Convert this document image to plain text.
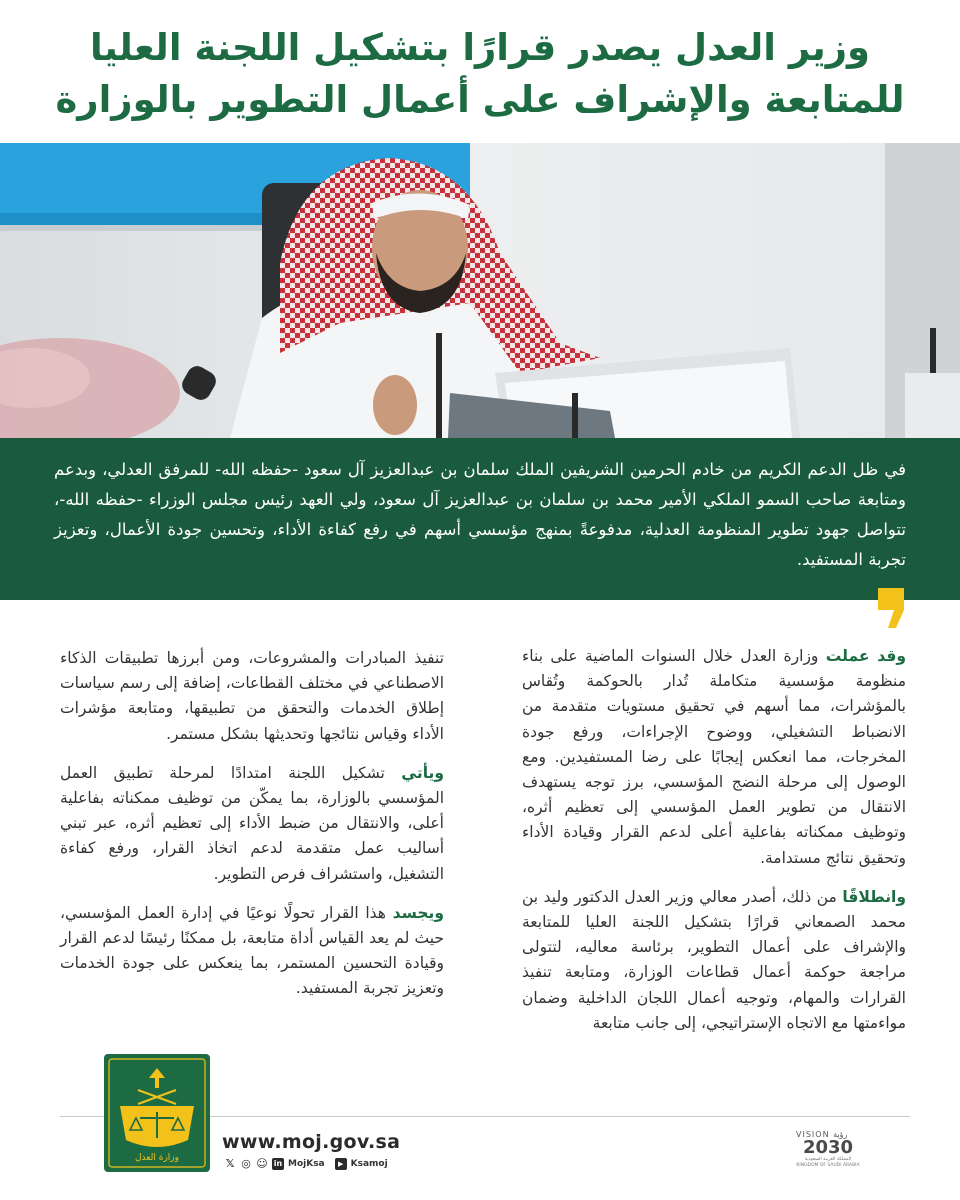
وزير العدل يصدر قرارًا بتشكيل اللجنة العليا
للمتابعة والإشراف على أعمال التطوير بالوزارة

في ظل الدعم الكريم من خادم الحرمين الشريفين الملك سلمان بن عبدالعزيز آل سعود -حفظه الله- للمرفق العدلي، وبدعم ومتابعة صاحب السمو الملكي الأمير محمد بن سلمان بن عبدالعزيز آل سعود، ولي العهد رئيس مجلس الوزراء -حفظه الله-، تتواصل جهود تطوير المنظومة العدلية، مدفوعةً بمنهج مؤسسي أسهم في رفع كفاءة الأداء، وتحسين جودة الأعمال، وتعزيز تجربة المستفيد.

وقد عملت وزارة العدل خلال السنوات الماضية على بناء منظومة مؤسسية متكاملة تُدار بالحوكمة وتُقاس بالمؤشرات، مما أسهم في تحقيق مستويات متقدمة من الانضباط التشغيلي، ووضوح الإجراءات، ورفع جودة المخرجات، مما انعكس إيجابًا على رضا المستفيدين. ومع الوصول إلى مرحلة النضج المؤسسي، برز توجه يستهدف الانتقال من تطوير العمل المؤسسي إلى تعظيم أثره، وتوظيف ممكناته بفاعلية أعلى لدعم القرار وقيادة الأداء وتحقيق نتائج مستدامة.

وانطلاقًا من ذلك، أصدر معالي وزير العدل الدكتور وليد بن محمد الصمعاني قرارًا بتشكيل اللجنة العليا للمتابعة والإشراف على أعمال التطوير، برئاسة معاليه، لتتولى مراجعة حوكمة أعمال قطاعات الوزارة، ومتابعة تنفيذ القرارات والمهام، وتوجيه أعمال اللجان الداخلية وضمان مواءمتها مع الاتجاه الإستراتيجي، إلى جانب متابعة

تنفيذ المبادرات والمشروعات، ومن أبرزها تطبيقات الذكاء الاصطناعي في مختلف القطاعات، إضافة إلى رسم سياسات إطلاق الخدمات والتحقق من تطبيقها، ومتابعة مؤشرات الأداء وقياس نتائجها وتحديثها بشكل مستمر.

ويأتي تشكيل اللجنة امتدادًا لمرحلة تطبيق العمل المؤسسي بالوزارة، بما يمكّن من توظيف ممكناته بفاعلية أعلى، والانتقال من ضبط الأداء إلى تعظيم أثره، عبر تبني أساليب عمل متقدمة لدعم اتخاذ القرار، ورفع كفاءة التشغيل، واستشراف فرص التطوير.

ويجسد هذا القرار تحولًا نوعيًا في إدارة العمل المؤسسي، حيث لم يعد القياس أداة متابعة، بل ممكنًا رئيسًا لدعم القرار وقيادة التحسين المستمر، بما ينعكس على جودة الخدمات وتعزيز تجربة المستفيد.

وزارة العدل
www.moj.gov.sa
𝕏 ◎ ☺ in MojKsa	▶ Ksamoj
VISION رؤية
2030
المملكة العربية السعودية
KINGDOM OF SAUDI ARABIA
